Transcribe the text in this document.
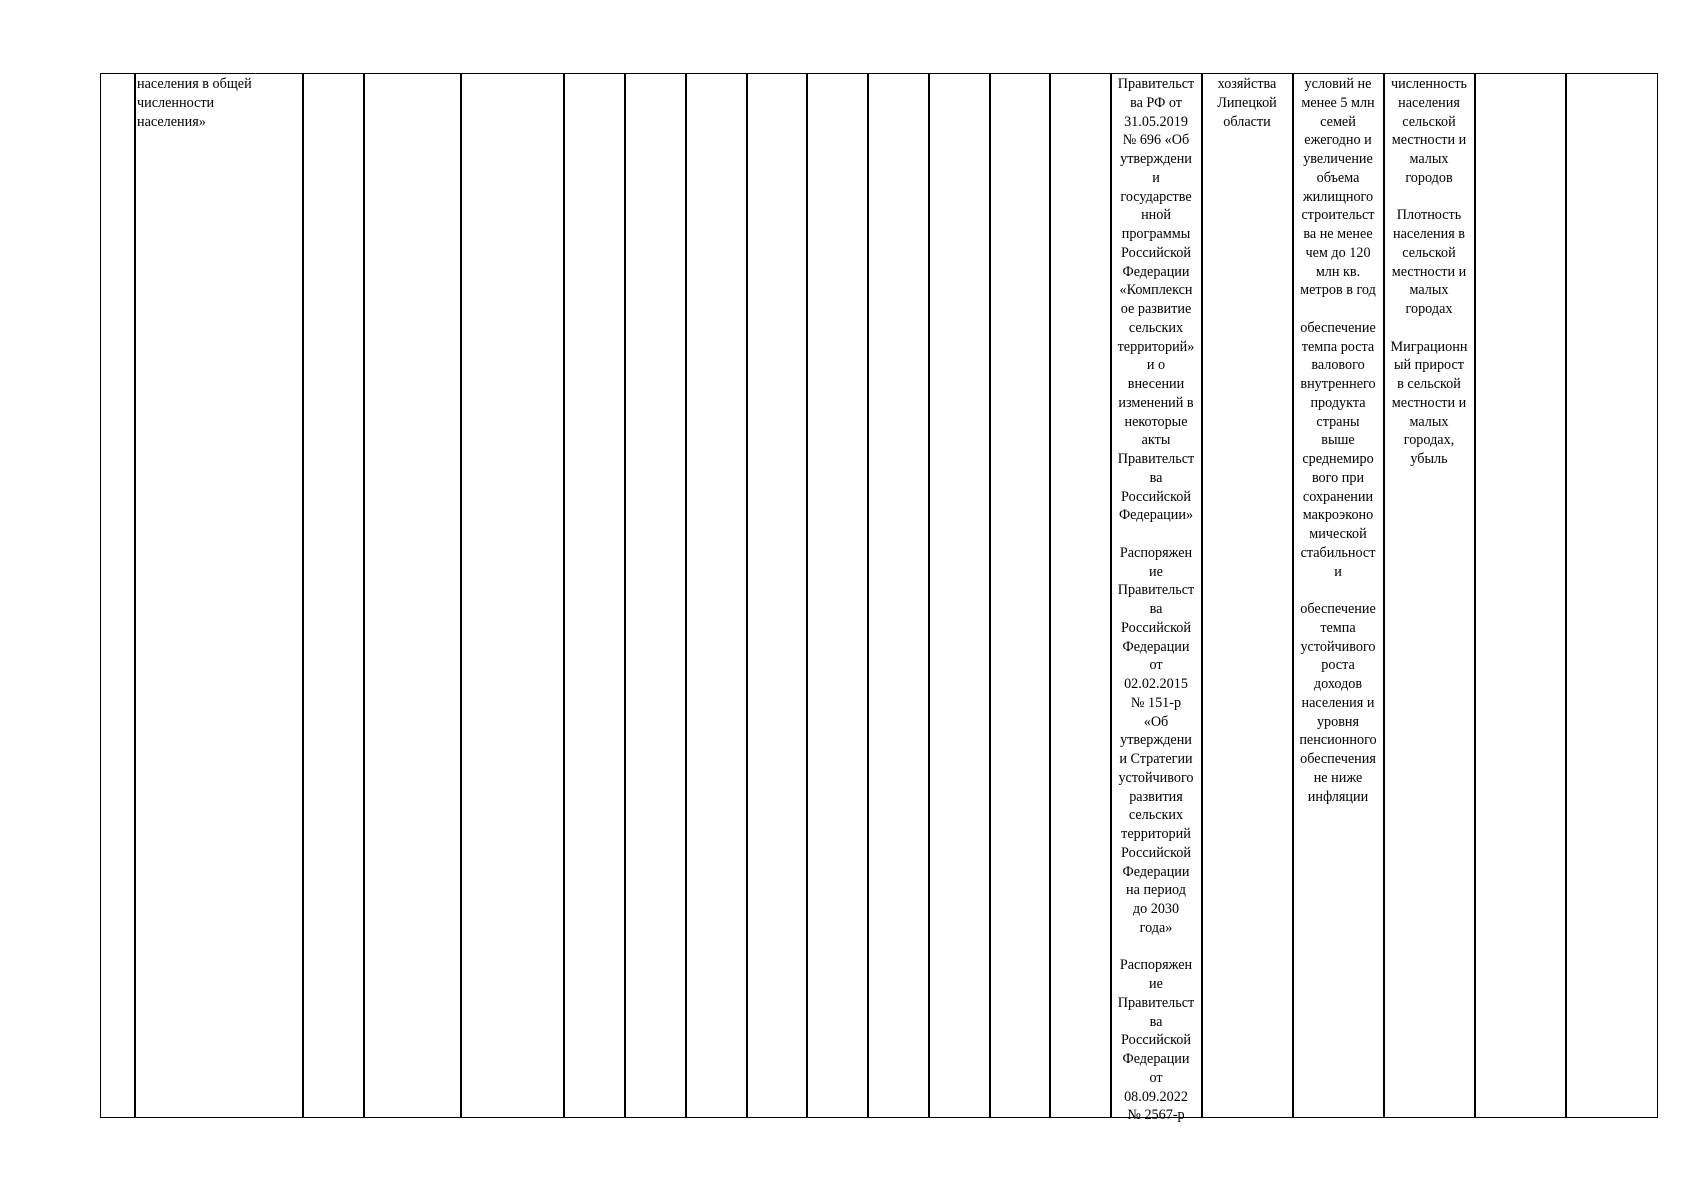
населения в общей
численности
населения»
Правительст
ва РФ от
31.05.2019
№ 696 «Об
утверждени
и
государстве
нной
программы
Российской
Федерации
«Комплексн
ое развитие
сельских
территорий»
и о
внесении
изменений в
некоторые
акты
Правительст
ва
Российской
Федерации»

Распоряжен
ие
Правительст
ва
Российской
Федерации
от
02.02.2015
№ 151-р
«Об
утверждени
и Стратегии
устойчивого
развития
сельских
территорий
Российской
Федерации
на период
до 2030
года»

Распоряжен
ие
Правительст
ва
Российской
Федерации
от
08.09.2022
№ 2567-р
хозяйства
Липецкой
области
условий не
менее 5 млн
семей
ежегодно и
увеличение
объема
жилищного
строительст
ва не менее
чем до 120
млн кв.
метров в год

обеспечение
темпа роста
валового
внутреннего
продукта
страны
выше
среднемиро
вого при
сохранении
макроэконо
мической
стабильност
и

обеспечение
темпа
устойчивого
роста
доходов
населения и
уровня
пенсионного
обеспечения
не ниже
инфляции
численность
населения
сельской
местности и
малых
городов

Плотность
населения в
сельской
местности и
малых
городах

Миграционн
ый прирост
в сельской
местности и
малых
городах,
убыль
